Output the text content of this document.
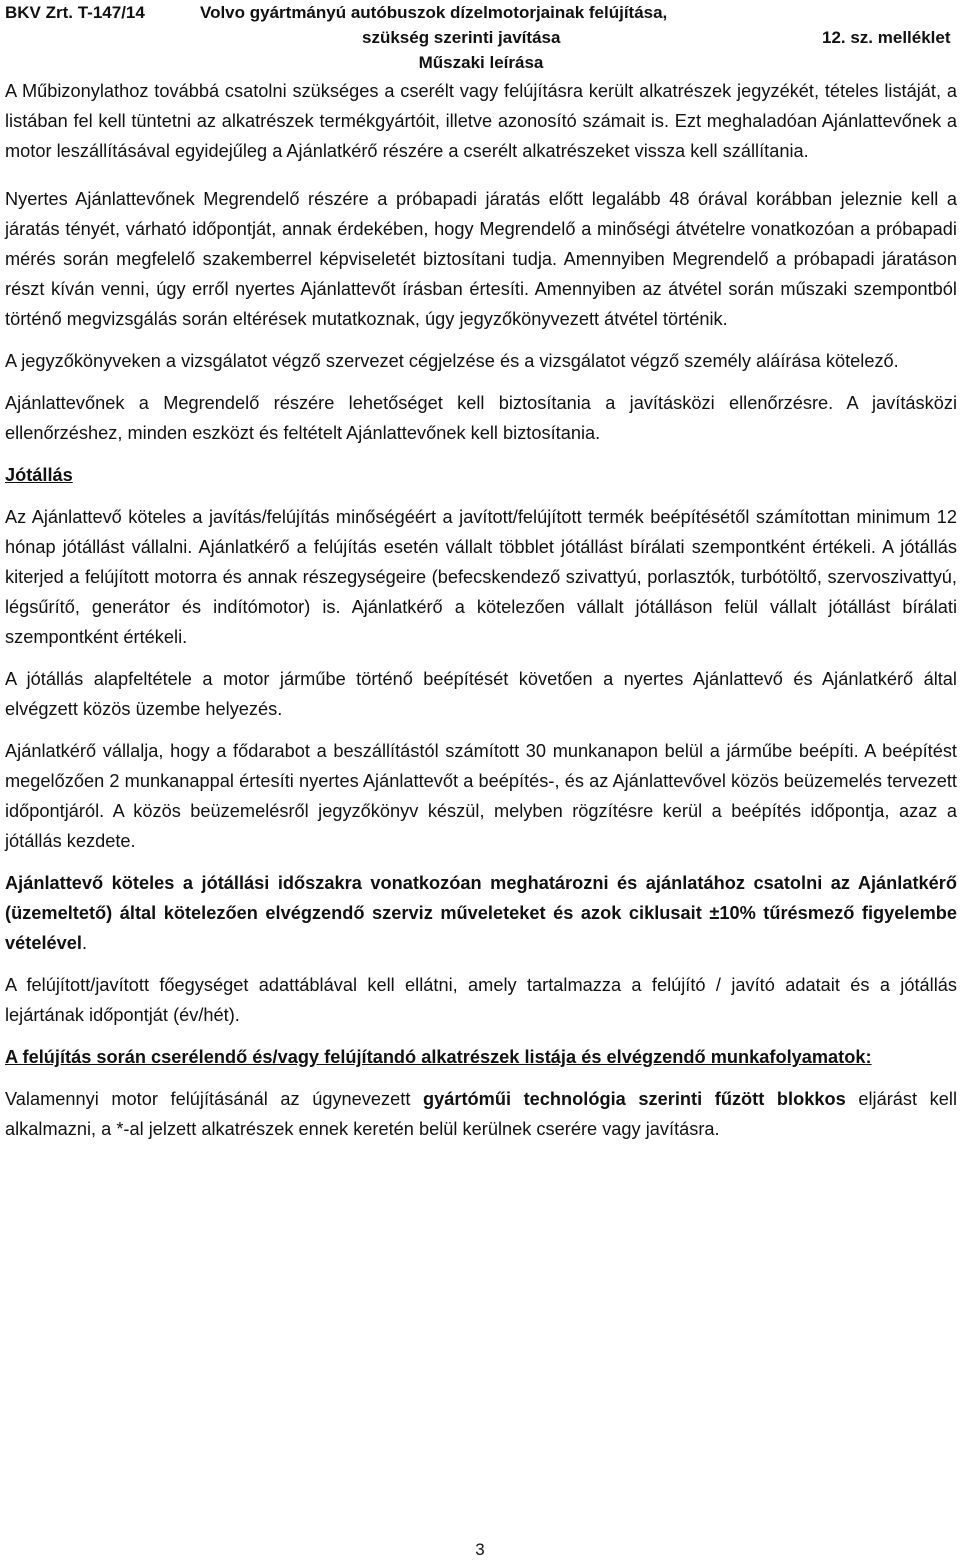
BKV Zrt. T-147/14	Volvo gyártmányú autóbuszok dízelmotorjainak felújítása,
szükség szerinti javítása	12. sz. melléklet
Műszaki leírása

A Műbizonylathoz továbbá csatolni szükséges a cserélt vagy felújításra került alkatrészek jegyzékét, tételes listáját, a listában fel kell tüntetni az alkatrészek termékgyártóit, illetve azonosító számait is. Ezt meghaladóan Ajánlattevőnek a motor leszállításával egyidejűleg a Ajánlatkérő részére a cserélt alkatrészeket vissza kell szállítania.

Nyertes Ajánlattevőnek Megrendelő részére a próbapadi járatás előtt legalább 48 órával korábban jeleznie kell a járatás tényét, várható időpontját, annak érdekében, hogy Megrendelő a minőségi átvételre vonatkozóan a próbapadi mérés során megfelelő szakemberrel képviseletét biztosítani tudja. Amennyiben Megrendelő a próbapadi járatáson részt kíván venni, úgy erről nyertes Ajánlattevőt írásban értesíti. Amennyiben az átvétel során műszaki szempontból történő megvizsgálás során eltérések mutatkoznak, úgy jegyzőkönyvezett átvétel történik.

A jegyzőkönyveken a vizsgálatot végző szervezet cégjelzése és a vizsgálatot végző személy aláírása kötelező.

Ajánlattevőnek a Megrendelő részére lehetőséget kell biztosítania a javításközi ellenőrzésre. A javításközi ellenőrzéshez, minden eszközt és feltételt Ajánlattevőnek kell biztosítania.

Jótállás

Az Ajánlattevő köteles a javítás/felújítás minőségéért a javított/felújított termék beépítésétől számítottan minimum 12 hónap jótállást vállalni. Ajánlatkérő a felújítás esetén vállalt többlet jótállást bírálati szempontként értékeli. A jótállás kiterjed a felújított motorra és annak részegységeire (befecskendező szivattyú, porlasztók, turbótöltő, szervoszivattyú, légsűrítő, generátor és indítómotor) is. Ajánlatkérő a kötelezően vállalt jótálláson felül vállalt jótállást bírálati szempontként értékeli.

A jótállás alapfeltétele a motor járműbe történő beépítését követően a nyertes Ajánlattevő és Ajánlatkérő által elvégzett közös üzembe helyezés.

Ajánlatkérő vállalja, hogy a fődarabot a beszállítástól számított 30 munkanapon belül a járműbe beépíti. A beépítést megelőzően 2 munkanappal értesíti nyertes Ajánlattevőt a beépítés-, és az Ajánlattevővel közös beüzemelés tervezett időpontjáról. A közös beüzemelésről jegyzőkönyv készül, melyben rögzítésre kerül a beépítés időpontja, azaz a jótállás kezdete.

Ajánlattevő köteles a jótállási időszakra vonatkozóan meghatározni és ajánlatához csatolni az Ajánlatkérő (üzemeltető) által kötelezően elvégzendő szerviz műveleteket és azok ciklusait ±10% tűrésmező figyelembe vételével.

A felújított/javított főegységet adattáblával kell ellátni, amely tartalmazza a felújító / javító adatait és a jótállás lejártának időpontját (év/hét).

A felújítás során cserélendő és/vagy felújítandó alkatrészek listája és elvégzendő munkafolyamatok:

Valamennyi motor felújításánál az úgynevezett gyártóműi technológia szerinti fűzött blokkos eljárást kell alkalmazni, a *-al jelzett alkatrészek ennek keretén belül kerülnek cserére vagy javításra.

3
